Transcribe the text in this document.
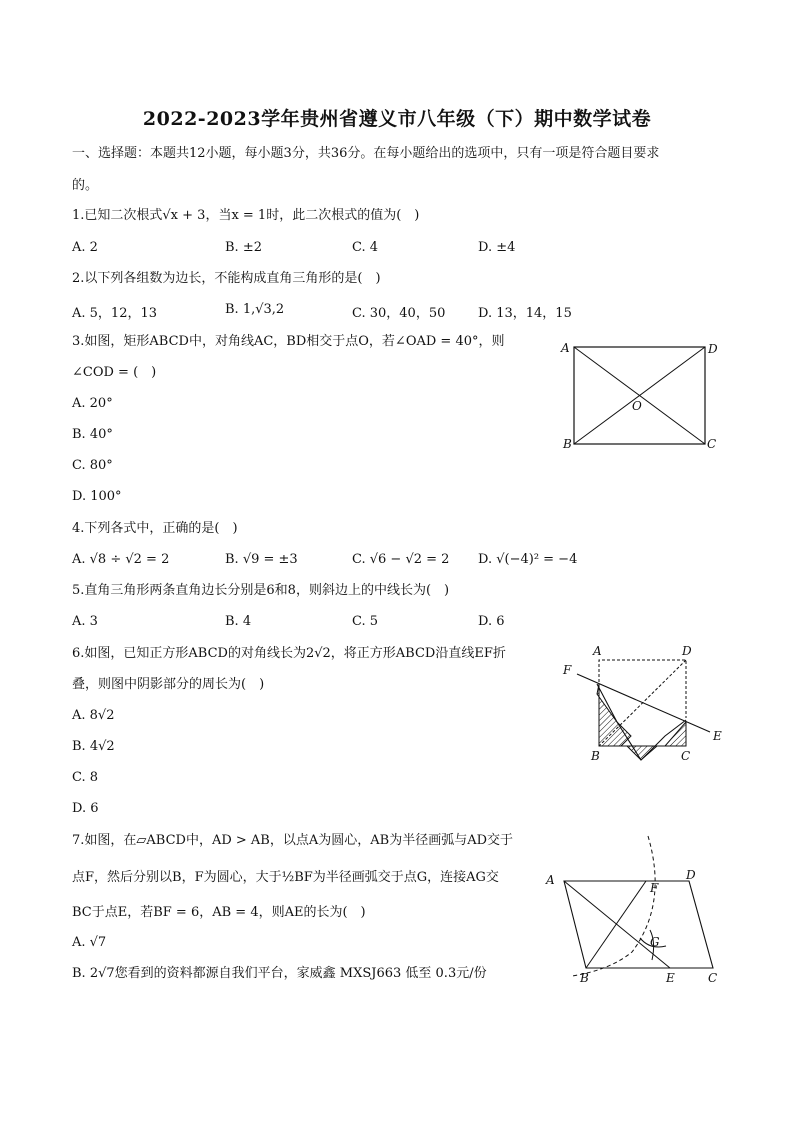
2022-2023学年贵州省遵义市八年级（下）期中数学试卷
一、选择题：本题共12小题，每小题3分，共36分。在每小题给出的选项中，只有一项是符合题目要求
的。
1.已知二次根式√x + 3，当x = 1时，此二次根式的值为(　)
A. 2	B. ±2	C. 4	D. ±4
2.以下列各组数为边长，不能构成直角三角形的是(　)
A. 5，12，13	B. 1,√3,2	C. 30，40，50	D. 13，14，15
3.如图，矩形ABCD中，对角线AC，BD相交于点O，若∠OAD = 40°，则
∠COD = (　)
A. 20°
B. 40°
C. 80°
D. 100°
A	D
O
B	C
4.下列各式中，正确的是(　)
A. √8 ÷ √2 = 2	B. √9 = ±3	C. √6 − √2 = 2 D. √(−4)² = −4
5.直角三角形两条直角边长分别是6和8，则斜边上的中线长为(　)
A. 3	B. 4	C. 5	D. 6
6.如图，已知正方形ABCD的对角线长为2√2，将正方形ABCD沿直线EF折
叠，则图中阴影部分的周长为(　)
A. 8√2
B. 4√2
C. 8
D. 6
A	D
F
E
B	C
7.如图，在▱ABCD中，AD > AB，以点A为圆心，AB为半径画弧与AD交于
点F，然后分别以B，F为圆心，大于½BF为半径画弧交于点G，连接AG交
BC于点E，若BF = 6，AB = 4，则AE的长为(　)
A. √7
B. 2√7您看到的资料都源自我们平台，家威鑫 MXSJ663 低至 0.3元/份
A
F
D
G
B	E	C
